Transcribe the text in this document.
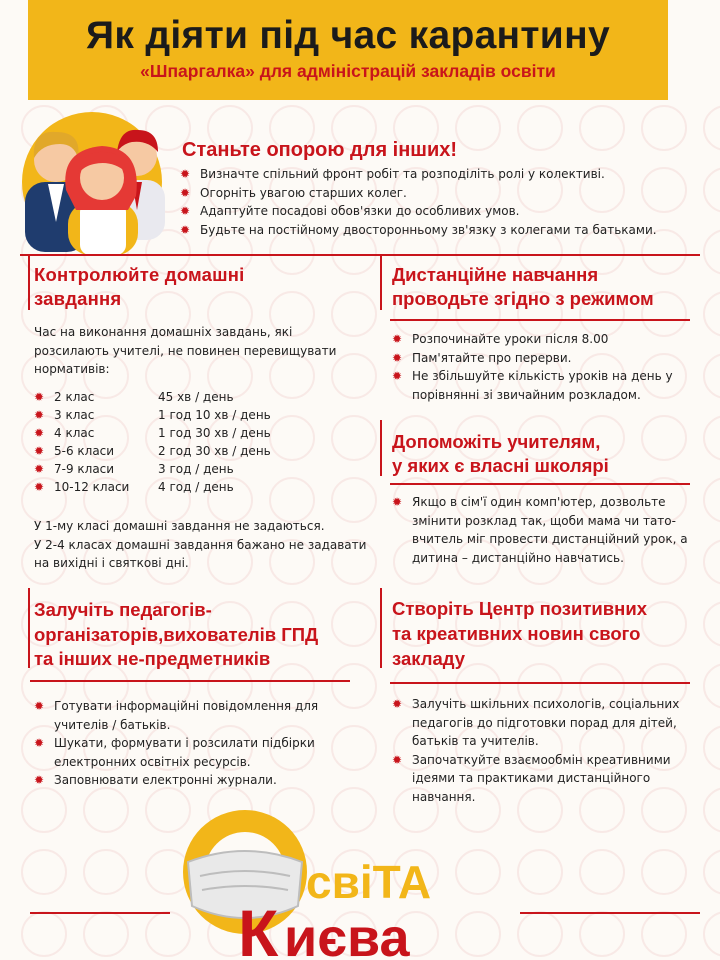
Як діяти під час карантину
«Шпаргалка» для адміністрацій закладів освіти
Станьте опорою для інших!
✹ Визначте спільний фронт робіт та розподіліть ролі у колективі.
✹ Огорніть увагою старших колег.
✹ Адаптуйте посадові обов'язки до особливих умов.
✹ Будьте на постійному двосторонньому зв'язку з колегами та батьками.
Контролюйте домашні
завдання
Час на виконання домашніх завдань, які розсилають учителі, не повинен перевищувати нормативів:
✹ 2 клас	45 хв / день
✹ 3 клас	1 год 10 хв / день
✹ 4 клас	1 год 30 хв / день
✹ 5-6 класи	2 год 30 хв / день
✹ 7-9 класи	3 год / день
✹ 10-12 класи	4 год / день
У 1-му класі домашні завдання не задаються.
У 2-4 класах домашні завдання бажано не задавати на вихідні і святкові дні.
Дистанційне навчання
проводьте згідно з режимом
✹ Розпочинайте уроки після 8.00
✹ Пам'ятайте про перерви.
✹ Не збільшуйте кількість уроків на день у порівнянні зі звичайним розкладом.
Допоможіть учителям,
у яких є власні школярі
✹ Якщо в сім'ї один комп'ютер, дозвольте змінити розклад так, щоби мама чи тато-вчитель міг провести дистанційний урок, а дитина – дистанційно навчатись.
Залучіть педагогів-
організаторів,вихователів ГПД
та інших не-предметників
✹ Готувати інформаційні повідомлення для учителів / батьків.
✹ Шукати, формувати і розсилати підбірки електронних освітніх ресурсів.
✹ Заповнювати електронні журнали.
Створіть Центр позитивних
та креативних новин свого
закладу
✹ Залучіть шкільних психологів, соціальних педагогів до підготовки порад для дітей, батьків та учителів.
✹ Започаткуйте взаємообмін креативними ідеями та практиками дистанційного навчання.
свіТА
К иєва
